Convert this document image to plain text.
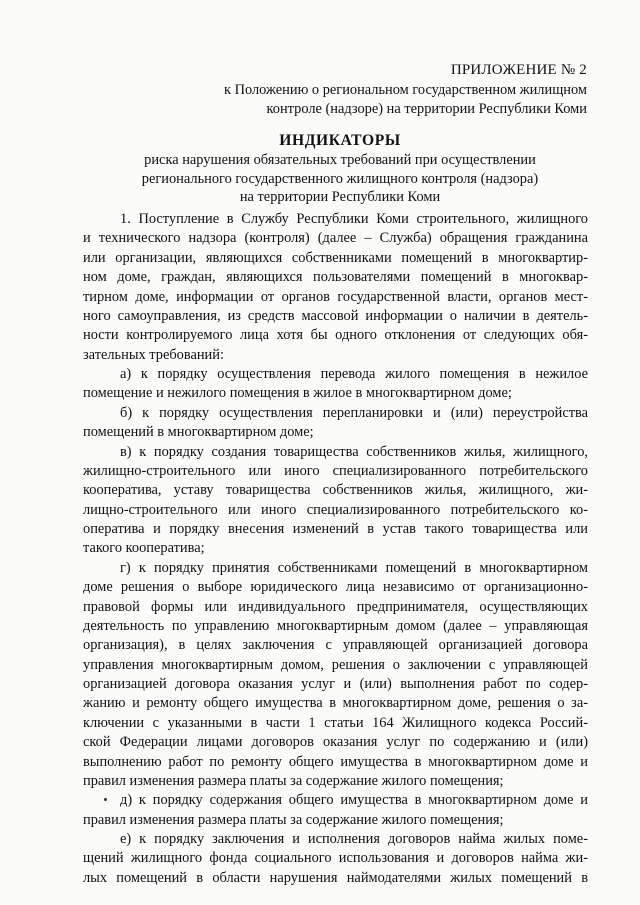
ПРИЛОЖЕНИЕ № 2
к Положению о региональном государственном жилищном
контроле (надзоре) на территории Республики Коми
ИНДИКАТОРЫ
риска нарушения обязательных требований при осуществлении
регионального государственного жилищного контроля (надзора)
на территории Республики Коми
1. Поступление в Службу Республики Коми строительного, жилищного
и технического надзора (контроля) (далее – Служба) обращения гражданина
или организации, являющихся собственниками помещений в многоквартир-
ном доме, граждан, являющихся пользователями помещений в многоквар-
тирном доме, информации от органов государственной власти, органов мест-
ного самоуправления, из средств массовой информации о наличии в деятель-
ности контролируемого лица хотя бы одного отклонения от следующих обя-
зательных требований:
а) к порядку осуществления перевода жилого помещения в нежилое
помещение и нежилого помещения в жилое в многоквартирном доме;
б) к порядку осуществления перепланировки и (или) переустройства
помещений в многоквартирном доме;
в) к порядку создания товарищества собственников жилья, жилищного,
жилищно-строительного или иного специализированного потребительского
кооператива, уставу товарищества собственников жилья, жилищного, жи-
лищно-строительного или иного специализированного потребительского ко-
оператива и порядку внесения изменений в устав такого товарищества или
такого кооператива;
г) к порядку принятия собственниками помещений в многоквартирном
доме решения о выборе юридического лица независимо от организационно-
правовой формы или индивидуального предпринимателя, осуществляющих
деятельность по управлению многоквартирным домом (далее – управляющая
организация), в целях заключения с управляющей организацией договора
управления многоквартирным домом, решения о заключении с управляющей
организацией договора оказания услуг и (или) выполнения работ по содер-
жанию и ремонту общего имущества в многоквартирном доме, решения о за-
ключении с указанными в части 1 статьи 164 Жилищного кодекса Россий-
ской Федерации лицами договоров оказания услуг по содержанию и (или)
выполнению работ по ремонту общего имущества в многоквартирном доме и
правил изменения размера платы за содержание жилого помещения;
д) к порядку содержания общего имущества в многоквартирном доме и
правил изменения размера платы за содержание жилого помещения;
е) к порядку заключения и исполнения договоров найма жилых поме-
щений жилищного фонда социального использования и договоров найма жи-
лых помещений в области нарушения наймодателями жилых помещений в
